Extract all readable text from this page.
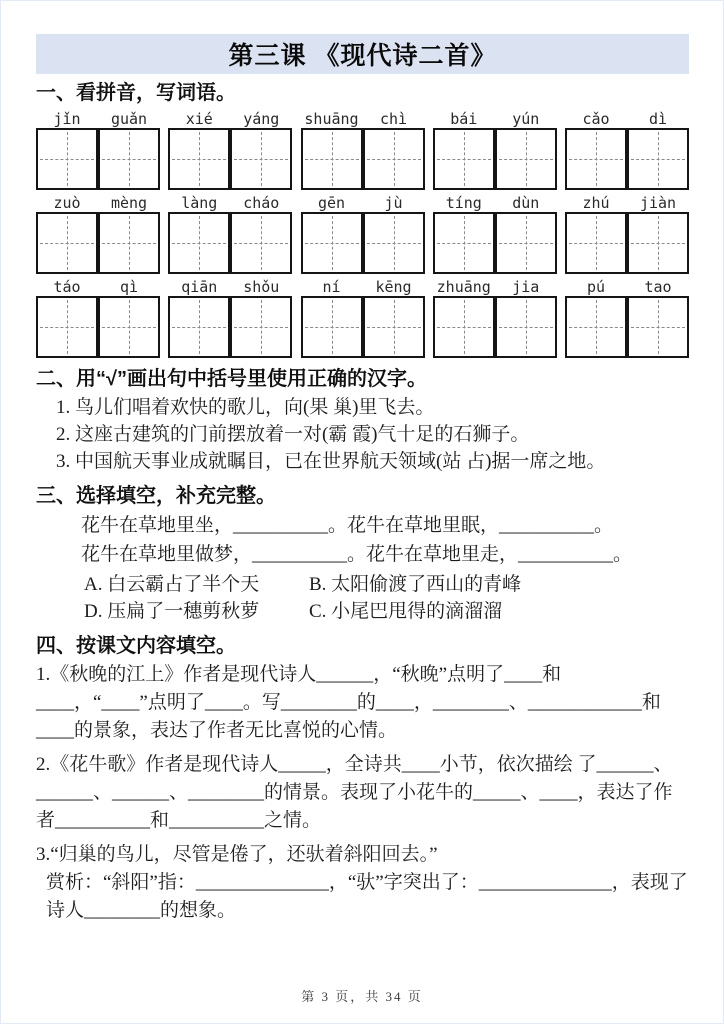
第三课 《现代诗二首》
一、看拼音，写词语。
jǐn	guǎn	xié	yáng	shuāng	chì	bái	yún	cǎo	dì
zuò	mèng	làng	cháo	gēn	jù	tíng	dùn	zhú	jiàn
táo	qì	qiān	shǒu	ní	kēng	zhuāng	jia	pú	tao
二、用“√”画出句中括号里使用正确的汉字。

1. 鸟儿们唱着欢快的歌儿，向(果 巢)里飞去。

2. 这座古建筑的门前摆放着一对(霸 霞)气十足的石狮子。

3. 中国航天事业成就瞩目，已在世界航天领域(站 占)据一席之地。

三、选择填空，补充完整。

花牛在草地里坐，__________。花牛在草地里眠，__________。

花牛在草地里做梦，__________。花牛在草地里走，__________。

A. 白云霸占了半个天	B. 太阳偷渡了西山的青峰
D. 压扁了一穗剪秋萝	C. 小尾巴甩得的滴溜溜
四、按课文内容填空。

1.《秋晚的江上》作者是现代诗人______，“秋晚”点明了____和____，“____”点明了____。写________的____，________、____________和____的景象，表达了作者无比喜悦的心情。

2.《花牛歌》作者是现代诗人_____，全诗共____小节，依次描绘 了______、______、______、________的情景。表现了小花牛的_____、____，表达了作者__________和__________之情。

3.“归巢的鸟儿，尽管是倦了，还驮着斜阳回去。”

赏析：“斜阳”指：______________，“驮”字突出了：______________，表现了诗人________的想象。

第 3 页，共 34 页
